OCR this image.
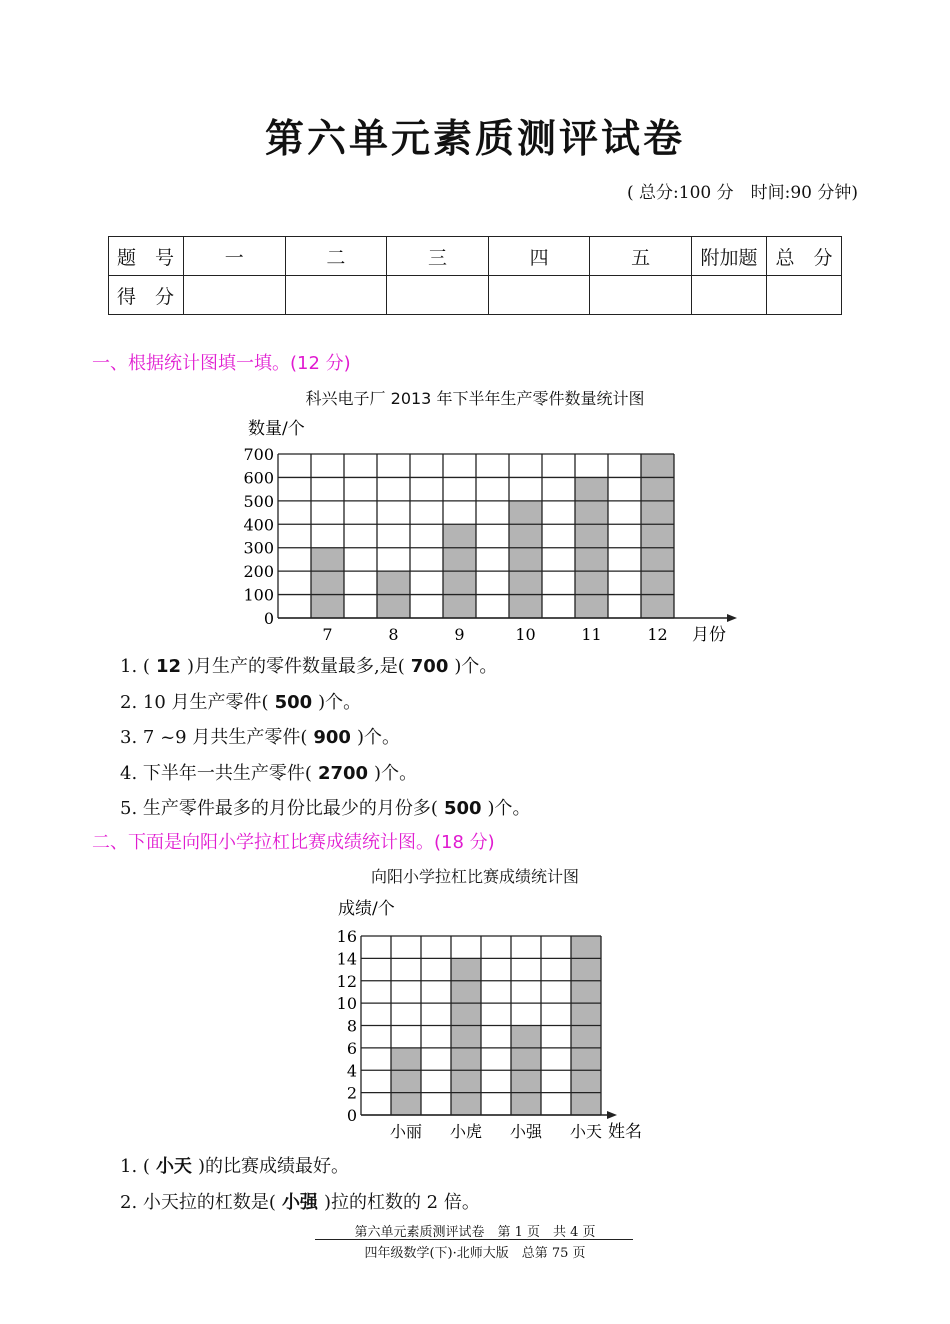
第六单元素质测评试卷
( 总分:100 分　时间:90 分钟)
题　号	一	二	三	四	五	附加题	总　分
得　分							
一、根据统计图填一填。(12 分)
科兴电子厂 2013 年下半年生产零件数量统计图
0
100
200
300
400
500
600
700
7	8	9	10	11	12
数量/个
月份
1. ( 12 )月生产的零件数量最多,是( 700 )个。
2. 10 月生产零件( 500 )个。
3. 7 ~9 月共生产零件( 900 )个。
4. 下半年一共生产零件( 2700 )个。
5. 生产零件最多的月份比最少的月份多( 500 )个。
二、下面是向阳小学拉杠比赛成绩统计图。(18 分)
向阳小学拉杠比赛成绩统计图
0
2
4
6
8
10
12
14
16
小丽 小虎 小强 小天
成绩/个
姓名
1. ( 小天 )的比赛成绩最好。
2. 小天拉的杠数是( 小强 )拉的杠数的 2 倍。
第六单元素质测评试卷　第 1 页　共 4 页
四年级数学(下)·北师大版　总第 75 页
